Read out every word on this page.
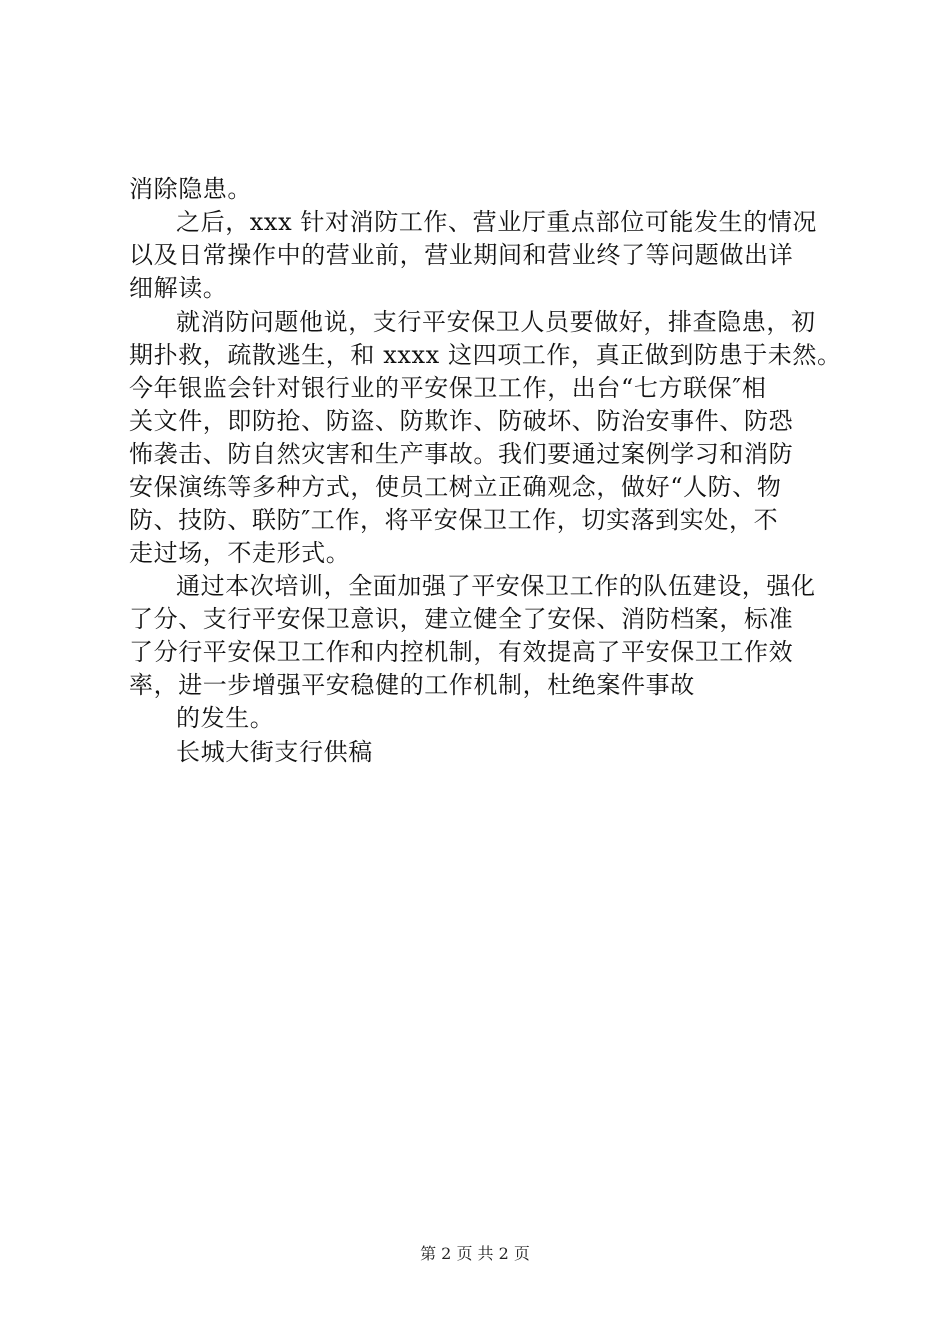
消除隐患。
之后，xxx 针对消防工作、营业厅重点部位可能发生的情况
以及日常操作中的营业前，营业期间和营业终了等问题做出详
细解读。
就消防问题他说，支行平安保卫人员要做好，排查隐患，初
期扑救，疏散逃生，和 xxxx 这四项工作，真正做到防患于未然。
今年银监会针对银行业的平安保卫工作，出台“七方联保″相
关文件，即防抢、防盗、防欺诈、防破坏、防治安事件、防恐
怖袭击、防自然灾害和生产事故。我们要通过案例学习和消防
安保演练等多种方式，使员工树立正确观念，做好“人防、物
防、技防、联防″工作，将平安保卫工作，切实落到实处，不
走过场，不走形式。
通过本次培训，全面加强了平安保卫工作的队伍建设，强化
了分、支行平安保卫意识，建立健全了安保、消防档案，标准
了分行平安保卫工作和内控机制，有效提高了平安保卫工作效
率，进一步增强平安稳健的工作机制，杜绝案件事故
的发生。
长城大街支行供稿
第 2 页 共 2 页
